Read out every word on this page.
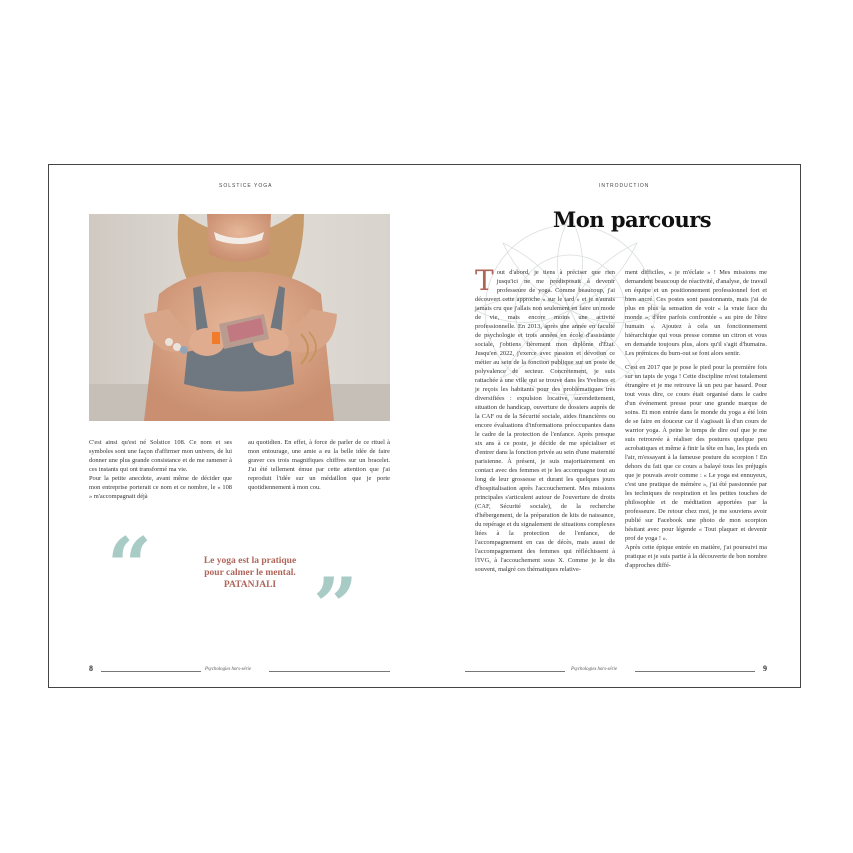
SOLSTICE YOGA

C'est ainsi qu'est né Solstice 108. Ce nom et ses symboles sont une façon d'affirmer mon univers, de lui donner une plus grande consistance et de me ramener à ces instants qui ont transformé ma vie.

Pour la petite anecdote, avant même de décider que mon entreprise porterait ce nom et ce nombre, le « 108 » m'accompagnait déjà

au quotidien. En effet, à force de parler de ce rituel à mon entourage, une amie a eu la belle idée de faire graver ces trois magnifiques chiffres sur un bracelet. J'ai été tellement émue par cette attention que j'ai reproduit l'idée sur un médaillon que je porte quotidiennement à mon cou.

“	Le yoga est la pratique
pour calmer le mental.
PATANJALI ”
8	Psychologies hors-série
INTRODUCTION
Mon parcours
T out d'abord, je tiens à préciser que rien jusqu'ici ne me prédisposait à devenir professeure de yoga. Comme beaucoup, j'ai découvert cette approche « sur le tard » et je n'aurais jamais cru que j'allais non seulement en faire un mode de vie, mais encore moins une activité professionnelle. En 2013, après une année en faculté de psychologie et trois années en école d'assistante sociale, j'obtiens fièrement mon diplôme d'État. Jusqu'en 2022, j'exerce avec passion et dévotion ce métier au sein de la fonction publique sur un poste de polyvalence de secteur. Concrètement, je suis rattachée à une ville qui se trouve dans les Yvelines et je reçois les habitants pour des problématiques très diversifiées : expulsion locative, surendettement, situation de handicap, ouverture de dossiers auprès de la CAF ou de la Sécurité sociale, aides financières ou encore évaluations d'informations préoccupantes dans le cadre de la protection de l'enfance. Après presque six ans à ce poste, je décide de me spécialiser et d'entrer dans la fonction privée au sein d'une maternité parisienne. À présent, je suis majoritairement en contact avec des femmes et je les accompagne tout au long de leur grossesse et durant les quelques jours d'hospitalisation après l'accouchement. Mes missions principales s'articulent autour de l'ouverture de droits (CAF, Sécurité sociale), de la recherche d'hébergement, de la préparation de kits de naissance, du repérage et du signalement de situations complexes liées à la protection de l'enfance, de l'accompagnement en cas de décès, mais aussi de l'accompagnement des femmes qui réfléchissent à l'IVG, à l'accouchement sous X. Comme je le dis souvent, malgré ces thématiques relative-

ment difficiles, « je m'éclate » ! Mes missions me demandent beaucoup de réactivité, d'analyse, de travail en équipe et un positionnement professionnel fort et bien ancré. Ces postes sont passionnants, mais j'ai de plus en plus la sensation de voir « la vraie face du monde », d'être parfois confrontée « au pire de l'être humain ». Ajoutez à cela un fonctionnement hiérarchique qui vous presse comme un citron et vous en demande toujours plus, alors qu'il s'agit d'humains. Les prémices du burn-out se font alors sentir.

C'est en 2017 que je pose le pied pour la première fois sur un tapis de yoga ! Cette discipline m'est totalement étrangère et je me retrouve là un peu par hasard. Pour tout vous dire, ce cours était organisé dans le cadre d'un événement presse pour une grande marque de soins. Et mon entrée dans le monde du yoga a été loin de se faire en douceur car il s'agissait là d'un cours de warrior yoga. À peine le temps de dire ouf que je me suis retrouvée à réaliser des postures quelque peu acrobatiques et même à finir la tête en bas, les pieds en l'air, m'essayant à la fameuse posture du scorpion ! En dehors du fait que ce cours a balayé tous les préjugés que je pouvais avoir comme : « Le yoga est ennuyeux, c'est une pratique de mémère », j'ai été passionnée par les techniques de respiration et les petites touches de philosophie et de méditation apportées par la professeure. De retour chez moi, je me souviens avoir publié sur Facebook une photo de mon scorpion hésitant avec pour légende « Tout plaquer et devenir prof de yoga ! ».

Après cette épique entrée en matière, j'ai poursuivi ma pratique et je suis partie à la découverte de bon nombre d'approches diffé-

Psychologies hors-série	9
